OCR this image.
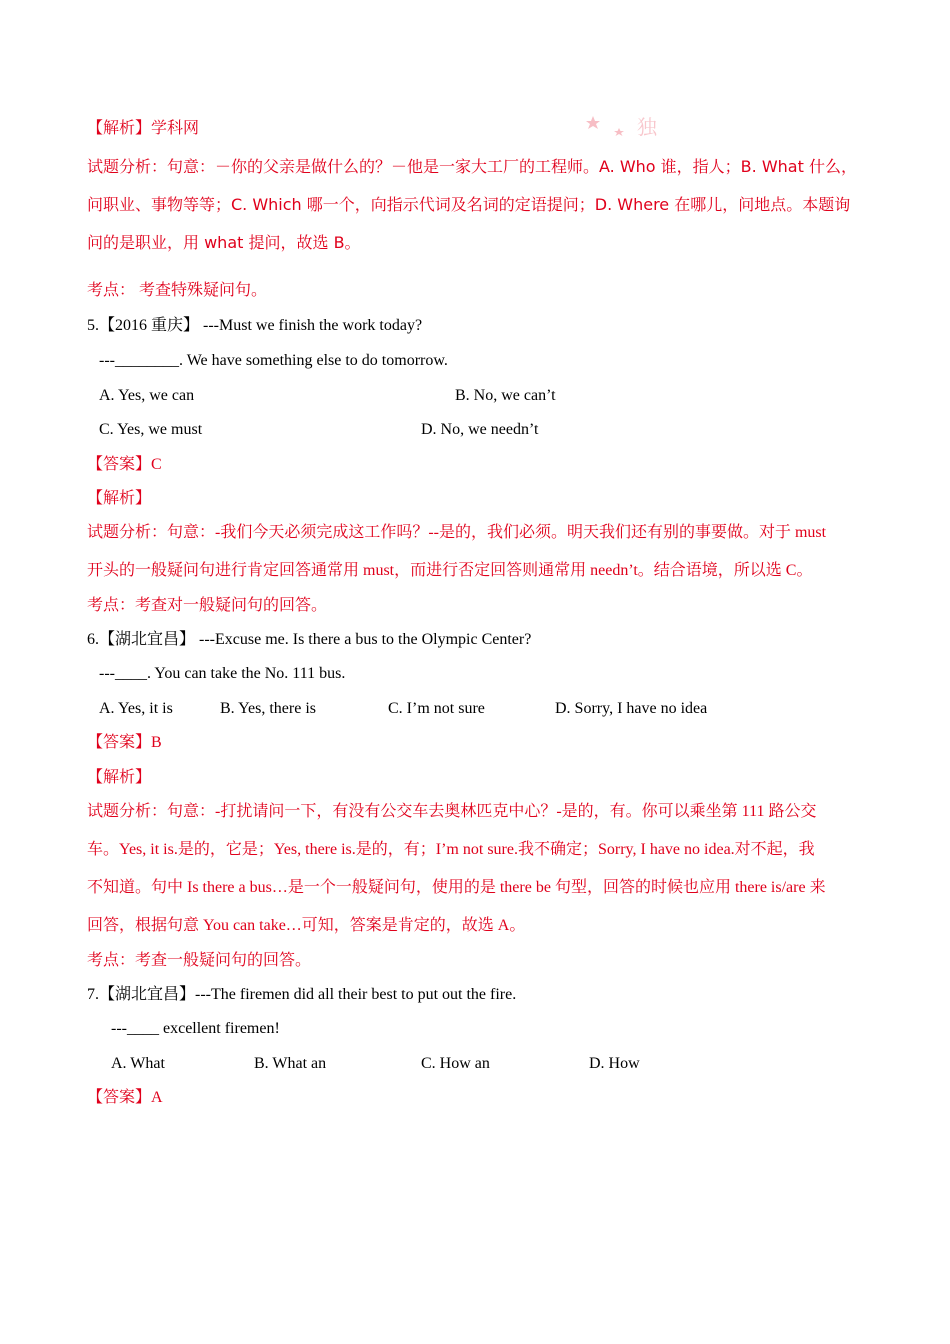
独
【解析】学科网
试题分析：句意：－你的父亲是做什么的？－他是一家大工厂的工程师。A. Who 谁，指人；B. What 什么，
问职业、事物等等；C. Which 哪一个，向指示代词及名词的定语提问；D. Where 在哪儿，问地点。本题询
问的是职业，用 what 提问，故选 B。
考点： 考查特殊疑问句。
5.【2016 重庆】 ---Must we finish the work today?
---________. We have something else to do tomorrow.
A. Yes, we can	B. No, we can’t
C. Yes, we must	D. No, we needn’t
【答案】C
【解析】
试题分析：句意：-我们今天必须完成这工作吗？--是的，我们必须。明天我们还有别的事要做。对于 must
开头的一般疑问句进行肯定回答通常用 must，而进行否定回答则通常用 needn’t。结合语境，所以选 C。
考点：考查对一般疑问句的回答。
6.【湖北宜昌】 ---Excuse me. Is there a bus to the Olympic Center?
---____. You can take the No. 111 bus.
A. Yes, it is	B. Yes, there is	C. I’m not sure	D. Sorry, I have no idea
【答案】B
【解析】
试题分析：句意：-打扰请问一下，有没有公交车去奥林匹克中心？-是的，有。你可以乘坐第 111 路公交
车。Yes, it is.是的，它是；Yes, there is.是的，有；I’m not sure.我不确定；Sorry, I have no idea.对不起，我
不知道。句中 Is there a bus…是一个一般疑问句，使用的是 there be 句型，回答的时候也应用 there is/are 来
回答，根据句意 You can take…可知，答案是肯定的，故选 A。
考点：考查一般疑问句的回答。
7.【湖北宜昌】---The firemen did all their best to put out the fire.
---____ excellent firemen!
A. What	B. What an	C. How an	D. How
【答案】A
